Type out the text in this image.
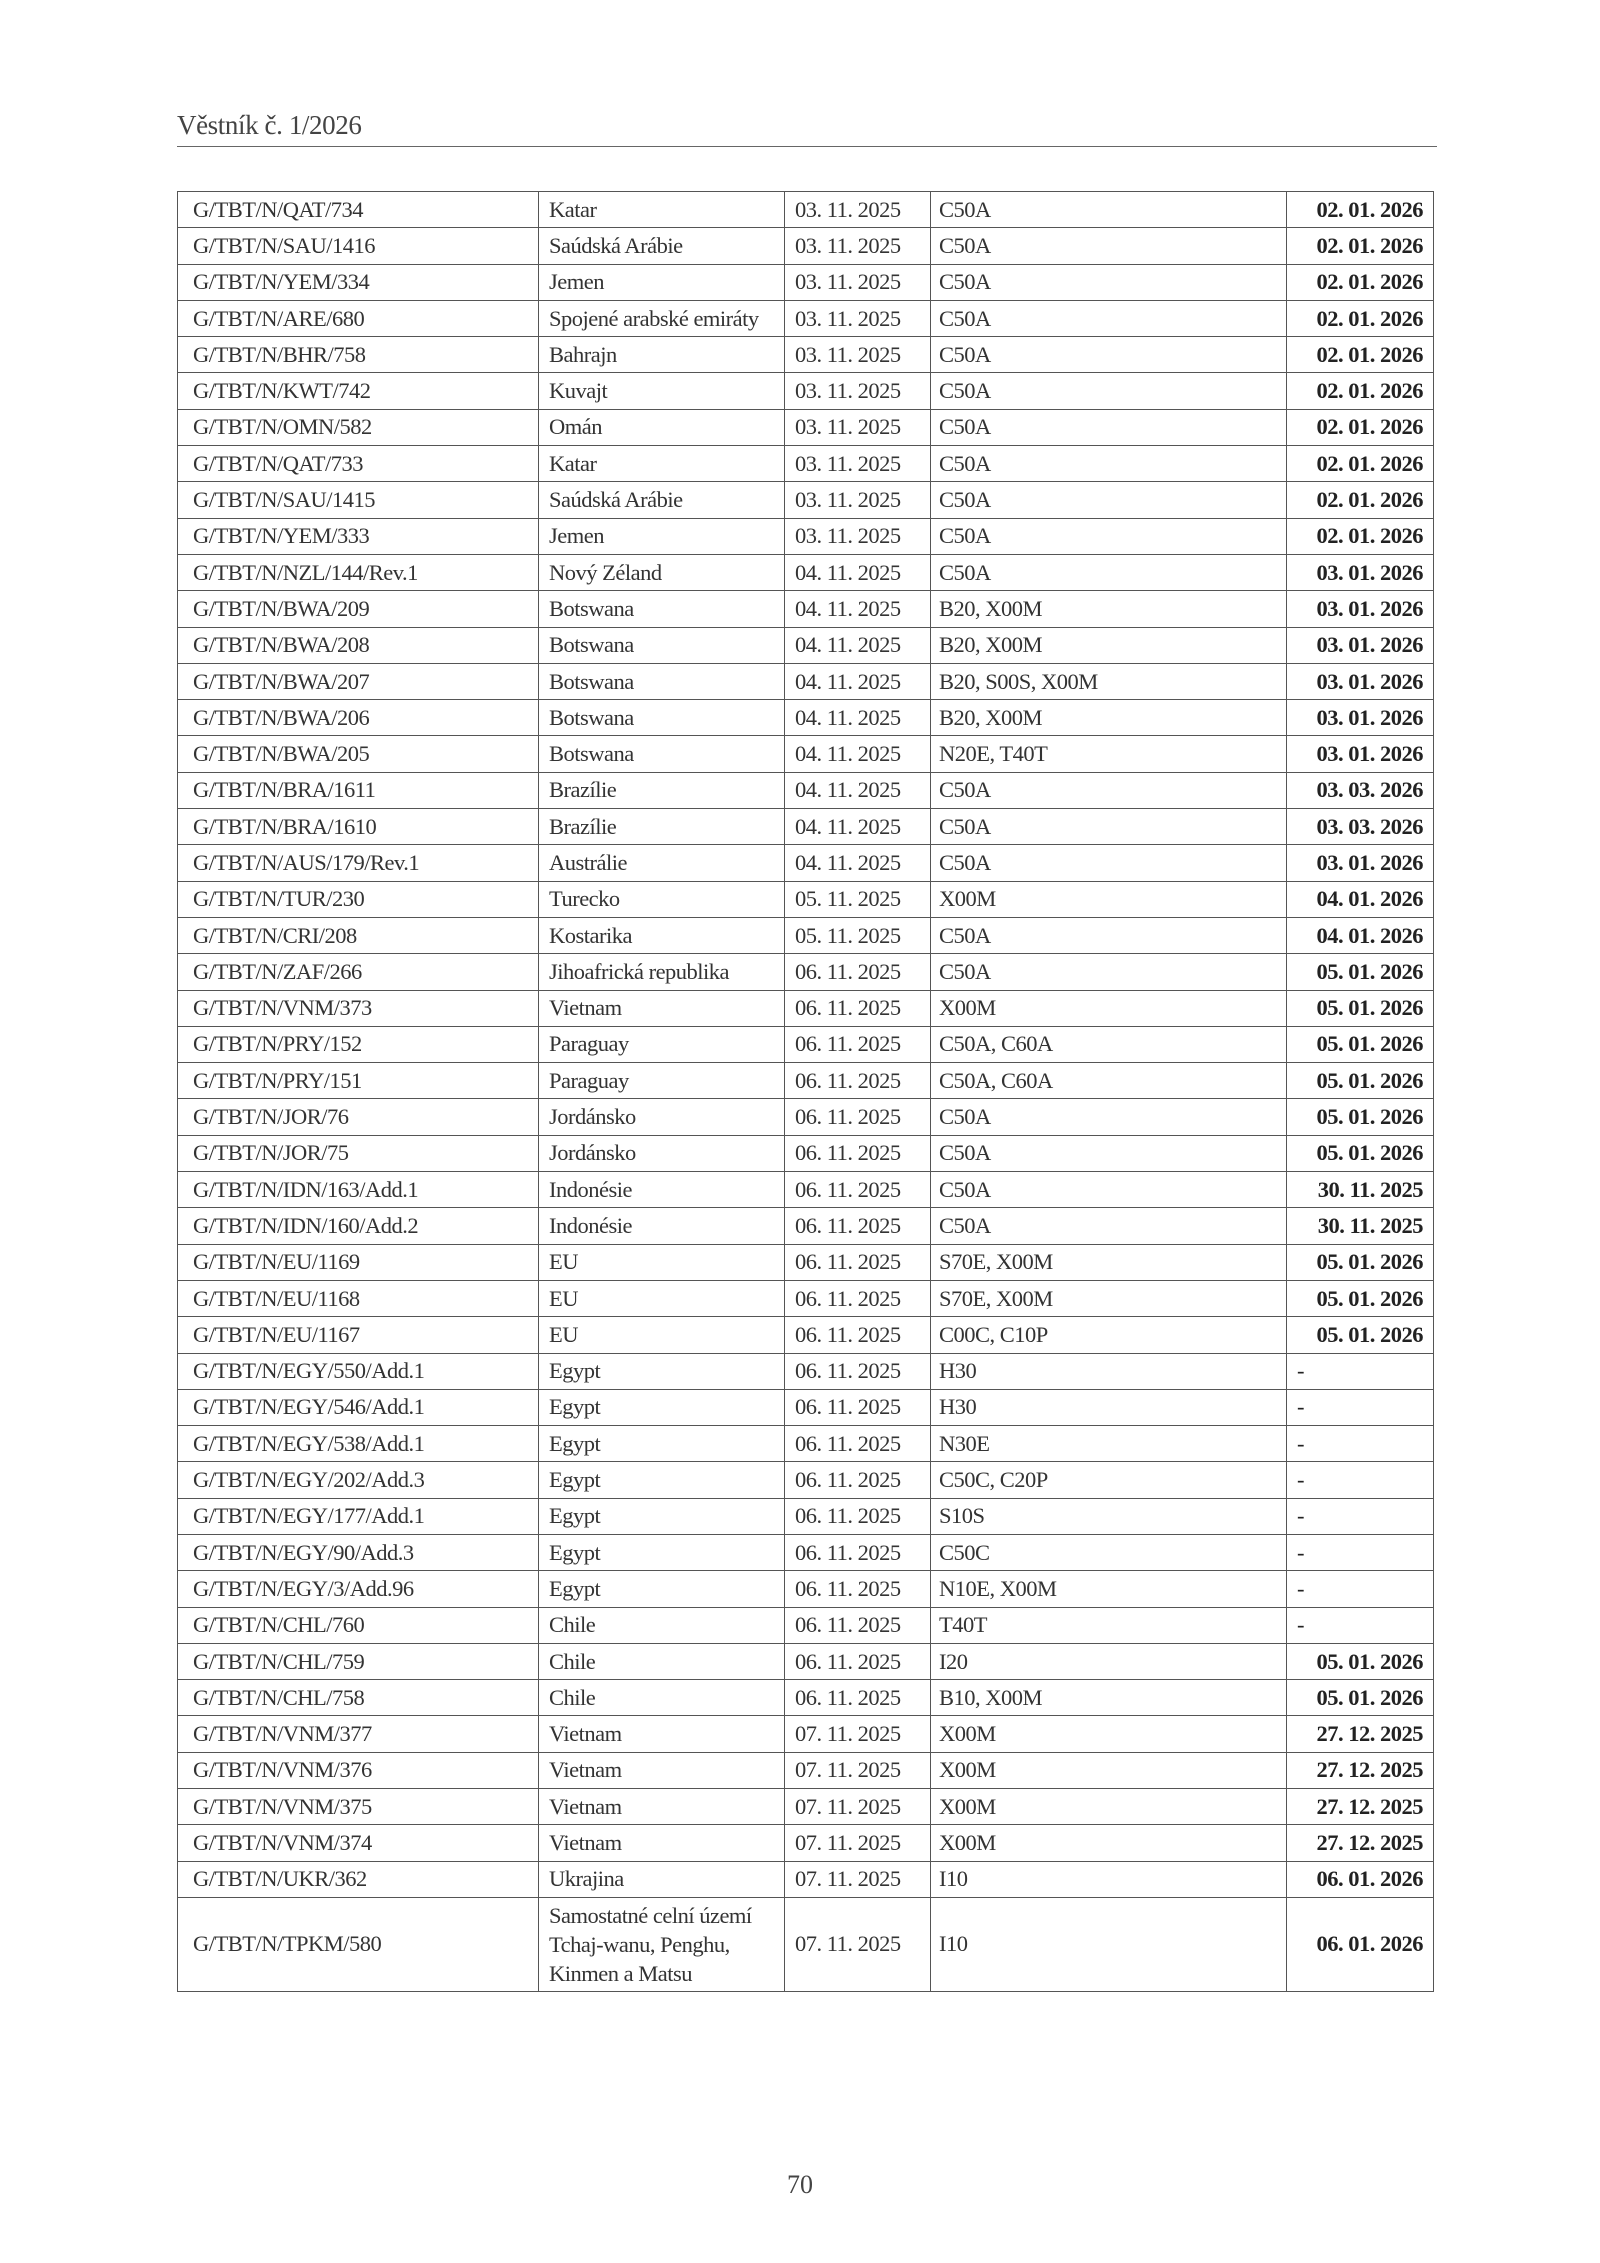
Věstník č. 1/2026
G/TBT/N/QAT/734	Katar	03. 11. 2025	C50A	02. 01. 2026
G/TBT/N/SAU/1416	Saúdská Arábie	03. 11. 2025	C50A	02. 01. 2026
G/TBT/N/YEM/334	Jemen	03. 11. 2025	C50A	02. 01. 2026
G/TBT/N/ARE/680	Spojené arabské emiráty	03. 11. 2025	C50A	02. 01. 2026
G/TBT/N/BHR/758	Bahrajn	03. 11. 2025	C50A	02. 01. 2026
G/TBT/N/KWT/742	Kuvajt	03. 11. 2025	C50A	02. 01. 2026
G/TBT/N/OMN/582	Omán	03. 11. 2025	C50A	02. 01. 2026
G/TBT/N/QAT/733	Katar	03. 11. 2025	C50A	02. 01. 2026
G/TBT/N/SAU/1415	Saúdská Arábie	03. 11. 2025	C50A	02. 01. 2026
G/TBT/N/YEM/333	Jemen	03. 11. 2025	C50A	02. 01. 2026
G/TBT/N/NZL/144/Rev.1	Nový Zéland	04. 11. 2025	C50A	03. 01. 2026
G/TBT/N/BWA/209	Botswana	04. 11. 2025	B20, X00M	03. 01. 2026
G/TBT/N/BWA/208	Botswana	04. 11. 2025	B20, X00M	03. 01. 2026
G/TBT/N/BWA/207	Botswana	04. 11. 2025	B20, S00S, X00M	03. 01. 2026
G/TBT/N/BWA/206	Botswana	04. 11. 2025	B20, X00M	03. 01. 2026
G/TBT/N/BWA/205	Botswana	04. 11. 2025	N20E, T40T	03. 01. 2026
G/TBT/N/BRA/1611	Brazílie	04. 11. 2025	C50A	03. 03. 2026
G/TBT/N/BRA/1610	Brazílie	04. 11. 2025	C50A	03. 03. 2026
G/TBT/N/AUS/179/Rev.1	Austrálie	04. 11. 2025	C50A	03. 01. 2026
G/TBT/N/TUR/230	Turecko	05. 11. 2025	X00M	04. 01. 2026
G/TBT/N/CRI/208	Kostarika	05. 11. 2025	C50A	04. 01. 2026
G/TBT/N/ZAF/266	Jihoafrická republika	06. 11. 2025	C50A	05. 01. 2026
G/TBT/N/VNM/373	Vietnam	06. 11. 2025	X00M	05. 01. 2026
G/TBT/N/PRY/152	Paraguay	06. 11. 2025	C50A, C60A	05. 01. 2026
G/TBT/N/PRY/151	Paraguay	06. 11. 2025	C50A, C60A	05. 01. 2026
G/TBT/N/JOR/76	Jordánsko	06. 11. 2025	C50A	05. 01. 2026
G/TBT/N/JOR/75	Jordánsko	06. 11. 2025	C50A	05. 01. 2026
G/TBT/N/IDN/163/Add.1	Indonésie	06. 11. 2025	C50A	30. 11. 2025
G/TBT/N/IDN/160/Add.2	Indonésie	06. 11. 2025	C50A	30. 11. 2025
G/TBT/N/EU/1169	EU	06. 11. 2025	S70E, X00M	05. 01. 2026
G/TBT/N/EU/1168	EU	06. 11. 2025	S70E, X00M	05. 01. 2026
G/TBT/N/EU/1167	EU	06. 11. 2025	C00C, C10P	05. 01. 2026
G/TBT/N/EGY/550/Add.1	Egypt	06. 11. 2025	H30	-
G/TBT/N/EGY/546/Add.1	Egypt	06. 11. 2025	H30	-
G/TBT/N/EGY/538/Add.1	Egypt	06. 11. 2025	N30E	-
G/TBT/N/EGY/202/Add.3	Egypt	06. 11. 2025	C50C, C20P	-
G/TBT/N/EGY/177/Add.1	Egypt	06. 11. 2025	S10S	-
G/TBT/N/EGY/90/Add.3	Egypt	06. 11. 2025	C50C	-
G/TBT/N/EGY/3/Add.96	Egypt	06. 11. 2025	N10E, X00M	-
G/TBT/N/CHL/760	Chile	06. 11. 2025	T40T	-
G/TBT/N/CHL/759	Chile	06. 11. 2025	I20	05. 01. 2026
G/TBT/N/CHL/758	Chile	06. 11. 2025	B10, X00M	05. 01. 2026
G/TBT/N/VNM/377	Vietnam	07. 11. 2025	X00M	27. 12. 2025
G/TBT/N/VNM/376	Vietnam	07. 11. 2025	X00M	27. 12. 2025
G/TBT/N/VNM/375	Vietnam	07. 11. 2025	X00M	27. 12. 2025
G/TBT/N/VNM/374	Vietnam	07. 11. 2025	X00M	27. 12. 2025
G/TBT/N/UKR/362	Ukrajina	07. 11. 2025	I10	06. 01. 2026
G/TBT/N/TPKM/580	Samostatné celní území Tchaj-wanu, Penghu, Kinmen a Matsu	07. 11. 2025	I10	06. 01. 2026
70
